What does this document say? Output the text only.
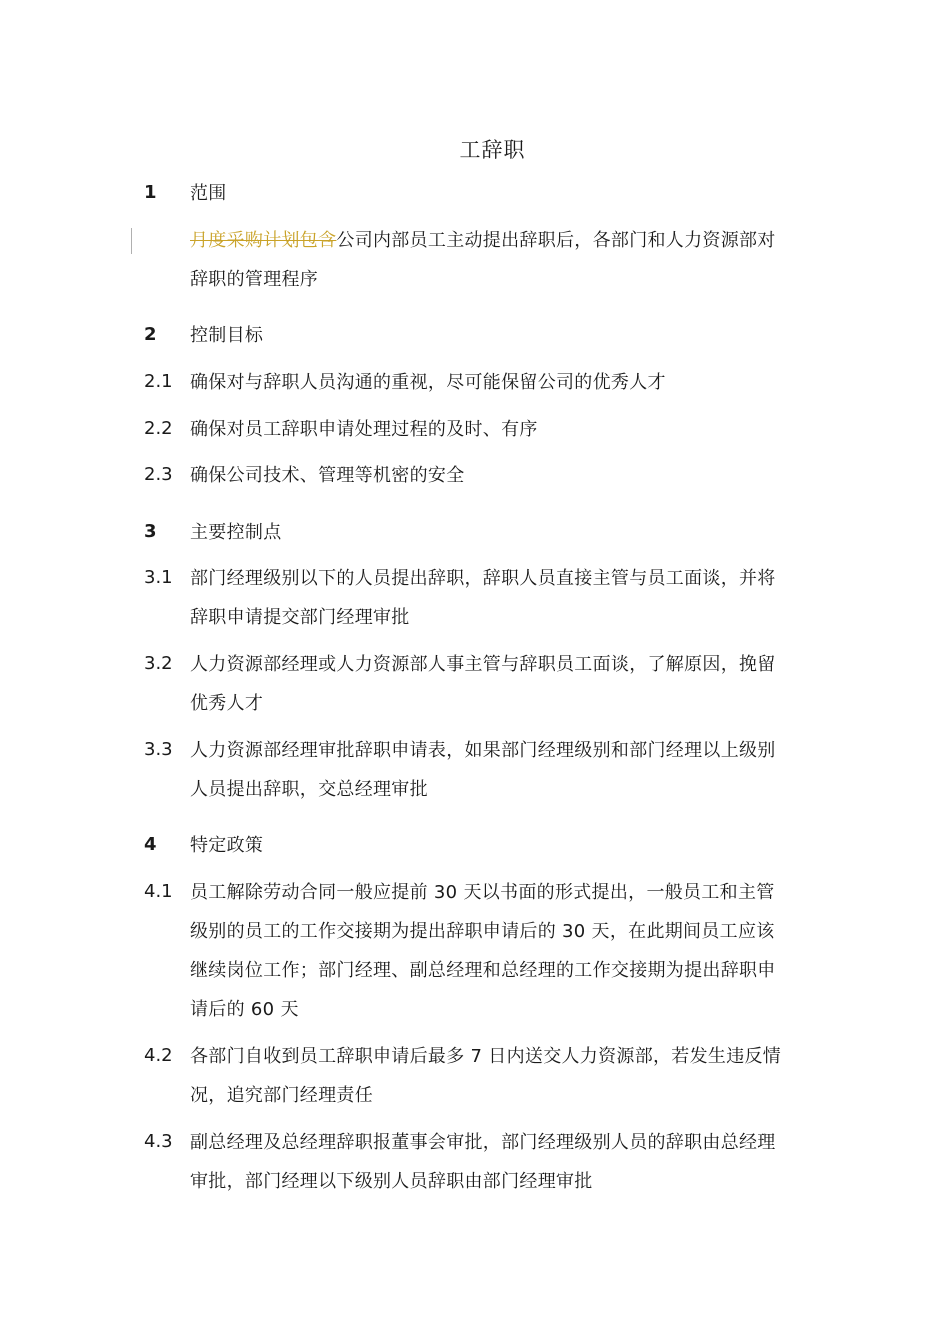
工辞职
1 范围
月度采购计划包含公司内部员工主动提出辞职后，各部门和人力资源部对
辞职的管理程序
2 控制目标
2.1 确保对与辞职人员沟通的重视，尽可能保留公司的优秀人才
2.2 确保对员工辞职申请处理过程的及时、有序
2.3 确保公司技术、管理等机密的安全
3 主要控制点
3.1 部门经理级别以下的人员提出辞职，辞职人员直接主管与员工面谈，并将
辞职申请提交部门经理审批
3.2 人力资源部经理或人力资源部人事主管与辞职员工面谈，了解原因，挽留
优秀人才
3.3 人力资源部经理审批辞职申请表，如果部门经理级别和部门经理以上级别
人员提出辞职，交总经理审批
4 特定政策
4.1 员工解除劳动合同一般应提前 30 天以书面的形式提出，一般员工和主管
级别的员工的工作交接期为提出辞职申请后的 30 天，在此期间员工应该
继续岗位工作；部门经理、副总经理和总经理的工作交接期为提出辞职申
请后的 60 天
4.2 各部门自收到员工辞职申请后最多 7 日内送交人力资源部，若发生违反情
况，追究部门经理责任
4.3 副总经理及总经理辞职报董事会审批，部门经理级别人员的辞职由总经理
审批，部门经理以下级别人员辞职由部门经理审批
